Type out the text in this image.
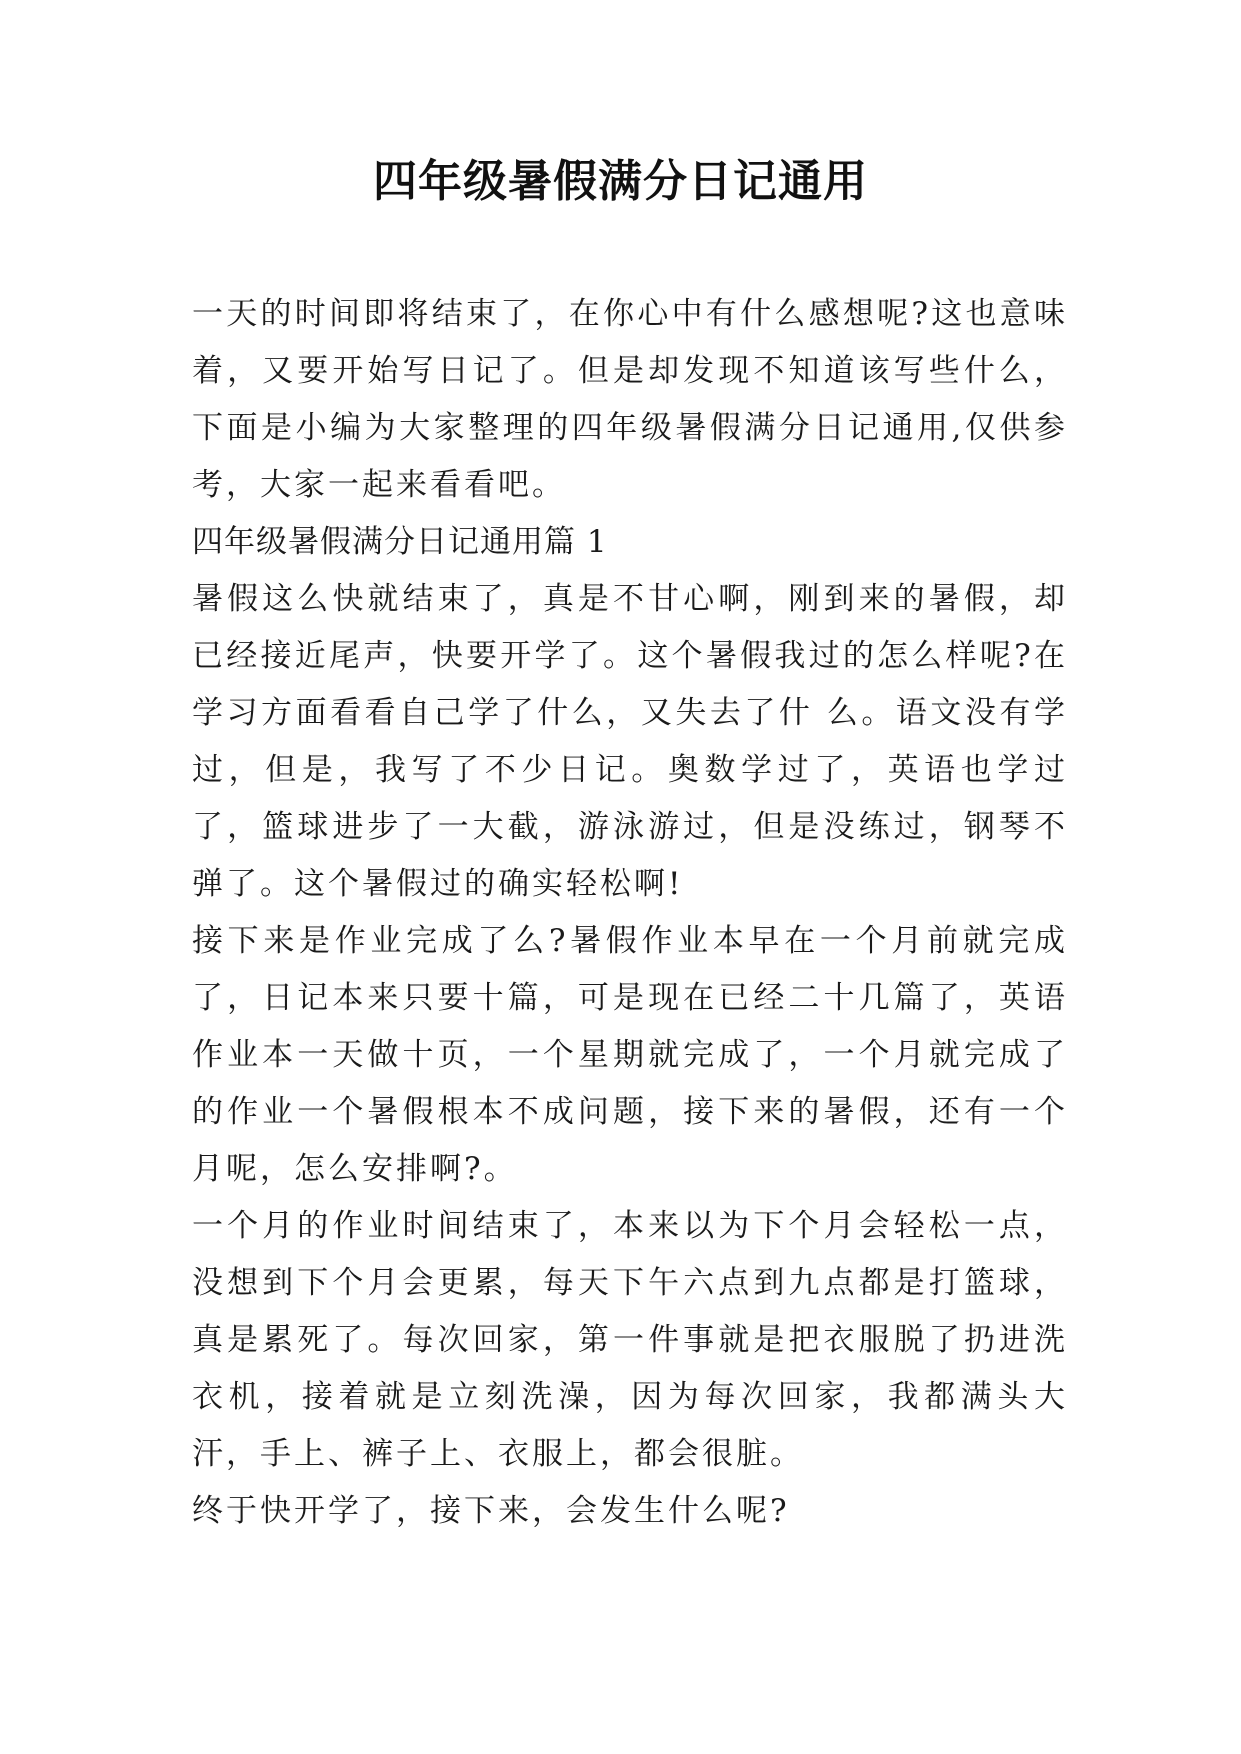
四年级暑假满分日记通用

一天的时间即将结束了，在你心中有什么感想呢?这也意味着，又要开始写日记了。但是却发现不知道该写些什么，下面是小编为大家整理的四年级暑假满分日记通用,仅供参考，大家一起来看看吧。

四年级暑假满分日记通用篇 1

暑假这么快就结束了，真是不甘心啊，刚到来的暑假，却已经接近尾声，快要开学了。这个暑假我过的怎么样呢?在学习方面看看自己学了什么，又失去了什 么。语文没有学过，但是，我写了不少日记。奥数学过了，英语也学过了，篮球进步了一大截，游泳游过，但是没练过，钢琴不弹了。这个暑假过的确实轻松啊!

接下来是作业完成了么?暑假作业本早在一个月前就完成了，日记本来只要十篇，可是现在已经二十几篇了，英语作业本一天做十页，一个星期就完成了，一个月就完成了的作业一个暑假根本不成问题，接下来的暑假，还有一个月呢，怎么安排啊?。

一个月的作业时间结束了，本来以为下个月会轻松一点，没想到下个月会更累，每天下午六点到九点都是打篮球，真是累死了。每次回家，第一件事就是把衣服脱了扔进洗衣机，接着就是立刻洗澡，因为每次回家，我都满头大汗，手上、裤子上、衣服上，都会很脏。

终于快开学了，接下来，会发生什么呢?
